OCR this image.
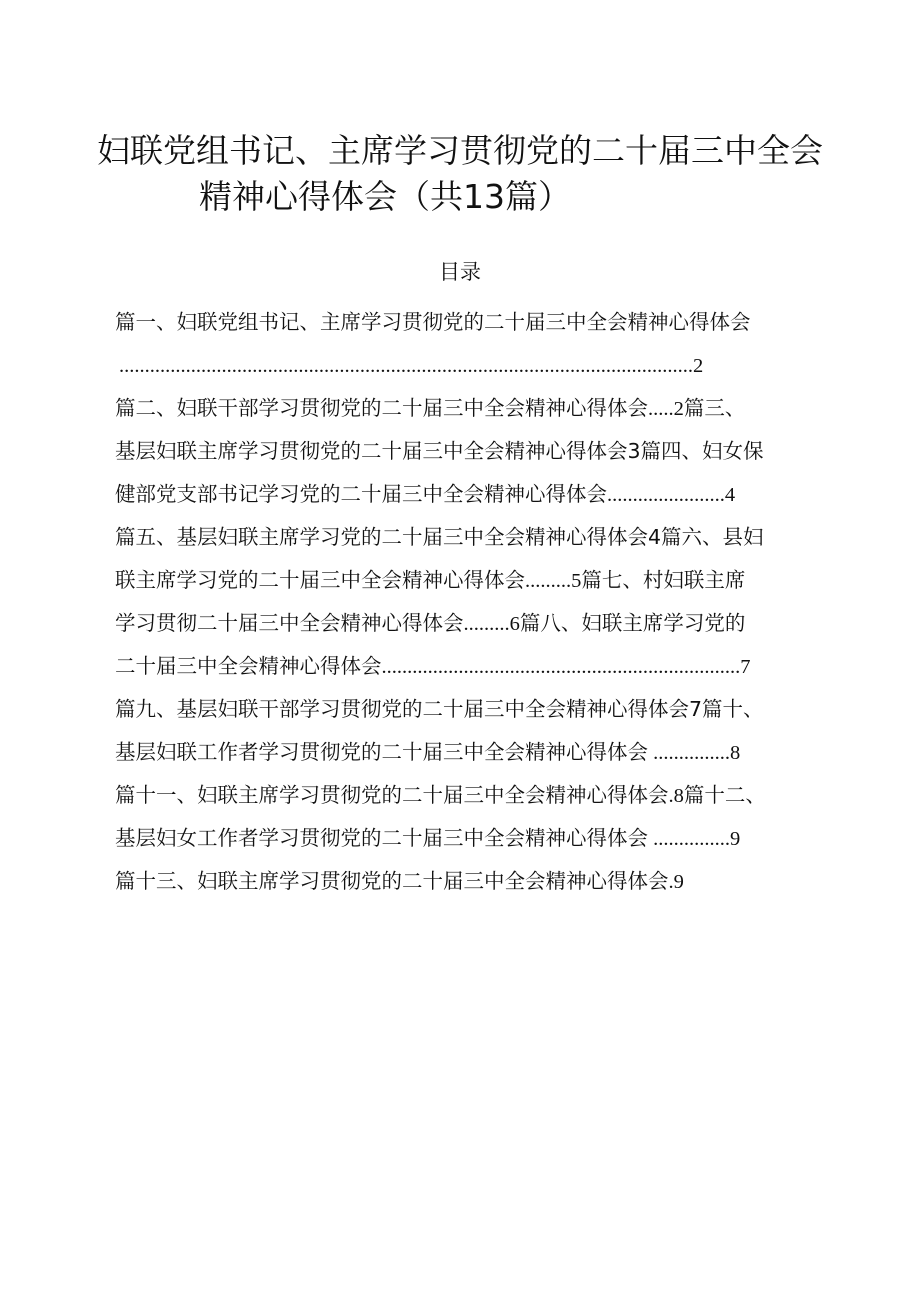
妇联党组书记、主席学习贯彻党的二十届三中全会
精神心得体会（共13篇）
目录
篇一、妇联党组书记、主席学习贯彻党的二十届三中全会精神心得体会
................................................................................................................2
篇二、妇联干部学习贯彻党的二十届三中全会精神心得体会.....2篇三、
基层妇联主席学习贯彻党的二十届三中全会精神心得体会3篇四、妇女保
健部党支部书记学习党的二十届三中全会精神心得体会.......................4
篇五、基层妇联主席学习党的二十届三中全会精神心得体会4篇六、县妇
联主席学习党的二十届三中全会精神心得体会.........5篇七、村妇联主席
学习贯彻二十届三中全会精神心得体会.........6篇八、妇联主席学习党的
二十届三中全会精神心得体会......................................................................7
篇九、基层妇联干部学习贯彻党的二十届三中全会精神心得体会7篇十、
基层妇联工作者学习贯彻党的二十届三中全会精神心得体会 ...............8
篇十一、妇联主席学习贯彻党的二十届三中全会精神心得体会.8篇十二、
基层妇女工作者学习贯彻党的二十届三中全会精神心得体会 ...............9
篇十三、妇联主席学习贯彻党的二十届三中全会精神心得体会.9
